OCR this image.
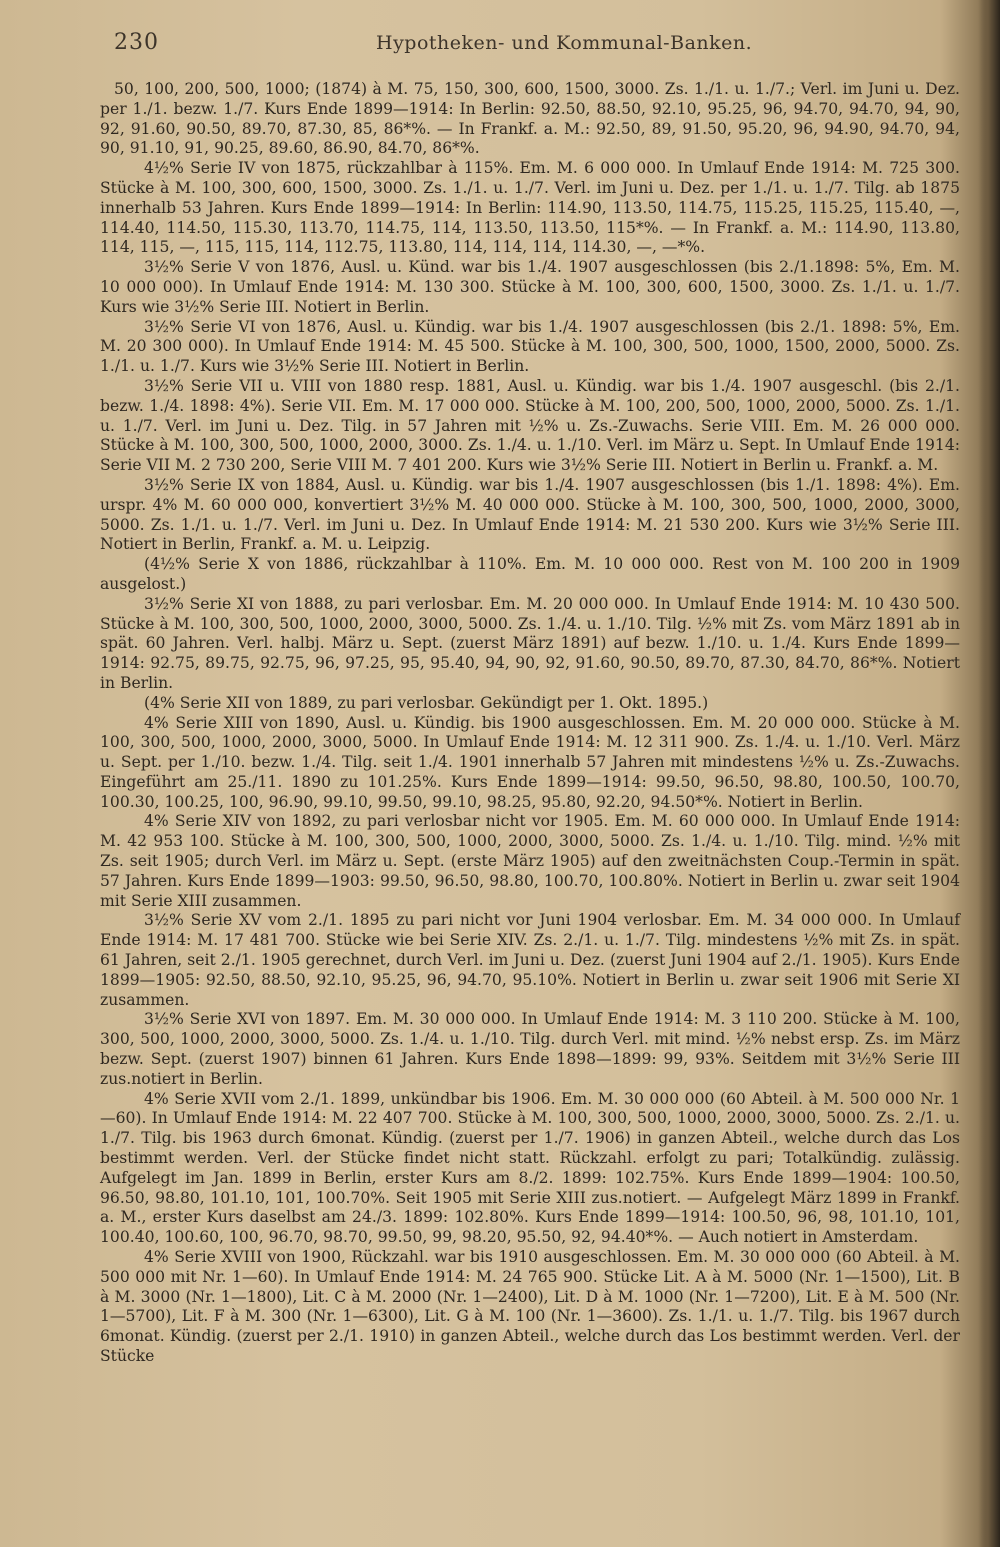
230	Hypotheken- und Kommunal-Banken.

50, 100, 200, 500, 1000; (1874) à M. 75, 150, 300, 600, 1500, 3000. Zs. 1./1. u. 1./7.; Verl. im Juni u. Dez. per 1./1. bezw. 1./7. Kurs Ende 1899—1914: In Berlin: 92.50, 88.50, 92.10, 95.25, 96, 94.70, 94.70, 94, 90, 92, 91.60, 90.50, 89.70, 87.30, 85, 86*%. — In Frankf. a. M.: 92.50, 89, 91.50, 95.20, 96, 94.90, 94.70, 94, 90, 91.10, 91, 90.25, 89.60, 86.90, 84.70, 86*%.

4½% Serie IV von 1875, rückzahlbar à 115%. Em. M. 6 000 000. In Umlauf Ende 1914: M. 725 300. Stücke à M. 100, 300, 600, 1500, 3000. Zs. 1./1. u. 1./7. Verl. im Juni u. Dez. per 1./1. u. 1./7. Tilg. ab 1875 innerhalb 53 Jahren. Kurs Ende 1899—1914: In Berlin: 114.90, 113.50, 114.75, 115.25, 115.25, 115.40, —, 114.40, 114.50, 115.30, 113.70, 114.75, 114, 113.50, 113.50, 115*%. — In Frankf. a. M.: 114.90, 113.80, 114, 115, —, 115, 115, 114, 112.75, 113.80, 114, 114, 114, 114.30, —, —*%.

3½% Serie V von 1876, Ausl. u. Künd. war bis 1./4. 1907 ausgeschlossen (bis 2./1.1898: 5%, Em. M. 10 000 000). In Umlauf Ende 1914: M. 130 300. Stücke à M. 100, 300, 600, 1500, 3000. Zs. 1./1. u. 1./7. Kurs wie 3½% Serie III. Notiert in Berlin.

3½% Serie VI von 1876, Ausl. u. Kündig. war bis 1./4. 1907 ausgeschlossen (bis 2./1. 1898: 5%, Em. M. 20 300 000). In Umlauf Ende 1914: M. 45 500. Stücke à M. 100, 300, 500, 1000, 1500, 2000, 5000. Zs. 1./1. u. 1./7. Kurs wie 3½% Serie III. Notiert in Berlin.

3½% Serie VII u. VIII von 1880 resp. 1881, Ausl. u. Kündig. war bis 1./4. 1907 ausgeschl. (bis 2./1. bezw. 1./4. 1898: 4%). Serie VII. Em. M. 17 000 000. Stücke à M. 100, 200, 500, 1000, 2000, 5000. Zs. 1./1. u. 1./7. Verl. im Juni u. Dez. Tilg. in 57 Jahren mit ½% u. Zs.-Zuwachs. Serie VIII. Em. M. 26 000 000. Stücke à M. 100, 300, 500, 1000, 2000, 3000. Zs. 1./4. u. 1./10. Verl. im März u. Sept. In Umlauf Ende 1914: Serie VII M. 2 730 200, Serie VIII M. 7 401 200. Kurs wie 3½% Serie III. Notiert in Berlin u. Frankf. a. M.

3½% Serie IX von 1884, Ausl. u. Kündig. war bis 1./4. 1907 ausgeschlossen (bis 1./1. 1898: 4%). Em. urspr. 4% M. 60 000 000, konvertiert 3½% M. 40 000 000. Stücke à M. 100, 300, 500, 1000, 2000, 3000, 5000. Zs. 1./1. u. 1./7. Verl. im Juni u. Dez. In Umlauf Ende 1914: M. 21 530 200. Kurs wie 3½% Serie III. Notiert in Berlin, Frankf. a. M. u. Leipzig.

(4½% Serie X von 1886, rückzahlbar à 110%. Em. M. 10 000 000. Rest von M. 100 200 in 1909 ausgelost.)

3½% Serie XI von 1888, zu pari verlosbar. Em. M. 20 000 000. In Umlauf Ende 1914: M. 10 430 500. Stücke à M. 100, 300, 500, 1000, 2000, 3000, 5000. Zs. 1./4. u. 1./10. Tilg. ½% mit Zs. vom März 1891 ab in spät. 60 Jahren. Verl. halbj. März u. Sept. (zuerst März 1891) auf bezw. 1./10. u. 1./4. Kurs Ende 1899—1914: 92.75, 89.75, 92.75, 96, 97.25, 95, 95.40, 94, 90, 92, 91.60, 90.50, 89.70, 87.30, 84.70, 86*%. Notiert in Berlin.

(4% Serie XII von 1889, zu pari verlosbar. Gekündigt per 1. Okt. 1895.)

4% Serie XIII von 1890, Ausl. u. Kündig. bis 1900 ausgeschlossen. Em. M. 20 000 000. Stücke à M. 100, 300, 500, 1000, 2000, 3000, 5000. In Umlauf Ende 1914: M. 12 311 900. Zs. 1./4. u. 1./10. Verl. März u. Sept. per 1./10. bezw. 1./4. Tilg. seit 1./4. 1901 innerhalb 57 Jahren mit mindestens ½% u. Zs.-Zuwachs. Eingeführt am 25./11. 1890 zu 101.25%. Kurs Ende 1899—1914: 99.50, 96.50, 98.80, 100.50, 100.70, 100.30, 100.25, 100, 96.90, 99.10, 99.50, 99.10, 98.25, 95.80, 92.20, 94.50*%. Notiert in Berlin.

4% Serie XIV von 1892, zu pari verlosbar nicht vor 1905. Em. M. 60 000 000. In Umlauf Ende 1914: M. 42 953 100. Stücke à M. 100, 300, 500, 1000, 2000, 3000, 5000. Zs. 1./4. u. 1./10. Tilg. mind. ½% mit Zs. seit 1905; durch Verl. im März u. Sept. (erste März 1905) auf den zweitnächsten Coup.-Termin in spät. 57 Jahren. Kurs Ende 1899—1903: 99.50, 96.50, 98.80, 100.70, 100.80%. Notiert in Berlin u. zwar seit 1904 mit Serie XIII zusammen.

3½% Serie XV vom 2./1. 1895 zu pari nicht vor Juni 1904 verlosbar. Em. M. 34 000 000. In Umlauf Ende 1914: M. 17 481 700. Stücke wie bei Serie XIV. Zs. 2./1. u. 1./7. Tilg. mindestens ½% mit Zs. in spät. 61 Jahren, seit 2./1. 1905 gerechnet, durch Verl. im Juni u. Dez. (zuerst Juni 1904 auf 2./1. 1905). Kurs Ende 1899—1905: 92.50, 88.50, 92.10, 95.25, 96, 94.70, 95.10%. Notiert in Berlin u. zwar seit 1906 mit Serie XI zusammen.

3½% Serie XVI von 1897. Em. M. 30 000 000. In Umlauf Ende 1914: M. 3 110 200. Stücke à M. 100, 300, 500, 1000, 2000, 3000, 5000. Zs. 1./4. u. 1./10. Tilg. durch Verl. mit mind. ½% nebst ersp. Zs. im März bezw. Sept. (zuerst 1907) binnen 61 Jahren. Kurs Ende 1898—1899: 99, 93%. Seitdem mit 3½% Serie III zus.notiert in Berlin.

4% Serie XVII vom 2./1. 1899, unkündbar bis 1906. Em. M. 30 000 000 (60 Abteil. à M. 500 000 Nr. 1—60). In Umlauf Ende 1914: M. 22 407 700. Stücke à M. 100, 300, 500, 1000, 2000, 3000, 5000. Zs. 2./1. u. 1./7. Tilg. bis 1963 durch 6monat. Kündig. (zuerst per 1./7. 1906) in ganzen Abteil., welche durch das Los bestimmt werden. Verl. der Stücke findet nicht statt. Rückzahl. erfolgt zu pari; Totalkündig. zulässig. Aufgelegt im Jan. 1899 in Berlin, erster Kurs am 8./2. 1899: 102.75%. Kurs Ende 1899—1904: 100.50, 96.50, 98.80, 101.10, 101, 100.70%. Seit 1905 mit Serie XIII zus.notiert. — Aufgelegt März 1899 in Frankf. a. M., erster Kurs daselbst am 24./3. 1899: 102.80%. Kurs Ende 1899—1914: 100.50, 96, 98, 101.10, 101, 100.40, 100.60, 100, 96.70, 98.70, 99.50, 99, 98.20, 95.50, 92, 94.40*%. — Auch notiert in Amsterdam.

4% Serie XVIII von 1900, Rückzahl. war bis 1910 ausgeschlossen. Em. M. 30 000 000 (60 Abteil. à M. 500 000 mit Nr. 1—60). In Umlauf Ende 1914: M. 24 765 900. Stücke Lit. A à M. 5000 (Nr. 1—1500), Lit. B à M. 3000 (Nr. 1—1800), Lit. C à M. 2000 (Nr. 1—2400), Lit. D à M. 1000 (Nr. 1—7200), Lit. E à M. 500 (Nr. 1—5700), Lit. F à M. 300 (Nr. 1—6300), Lit. G à M. 100 (Nr. 1—3600). Zs. 1./1. u. 1./7. Tilg. bis 1967 durch 6monat. Kündig. (zuerst per 2./1. 1910) in ganzen Abteil., welche durch das Los bestimmt werden. Verl. der Stücke
